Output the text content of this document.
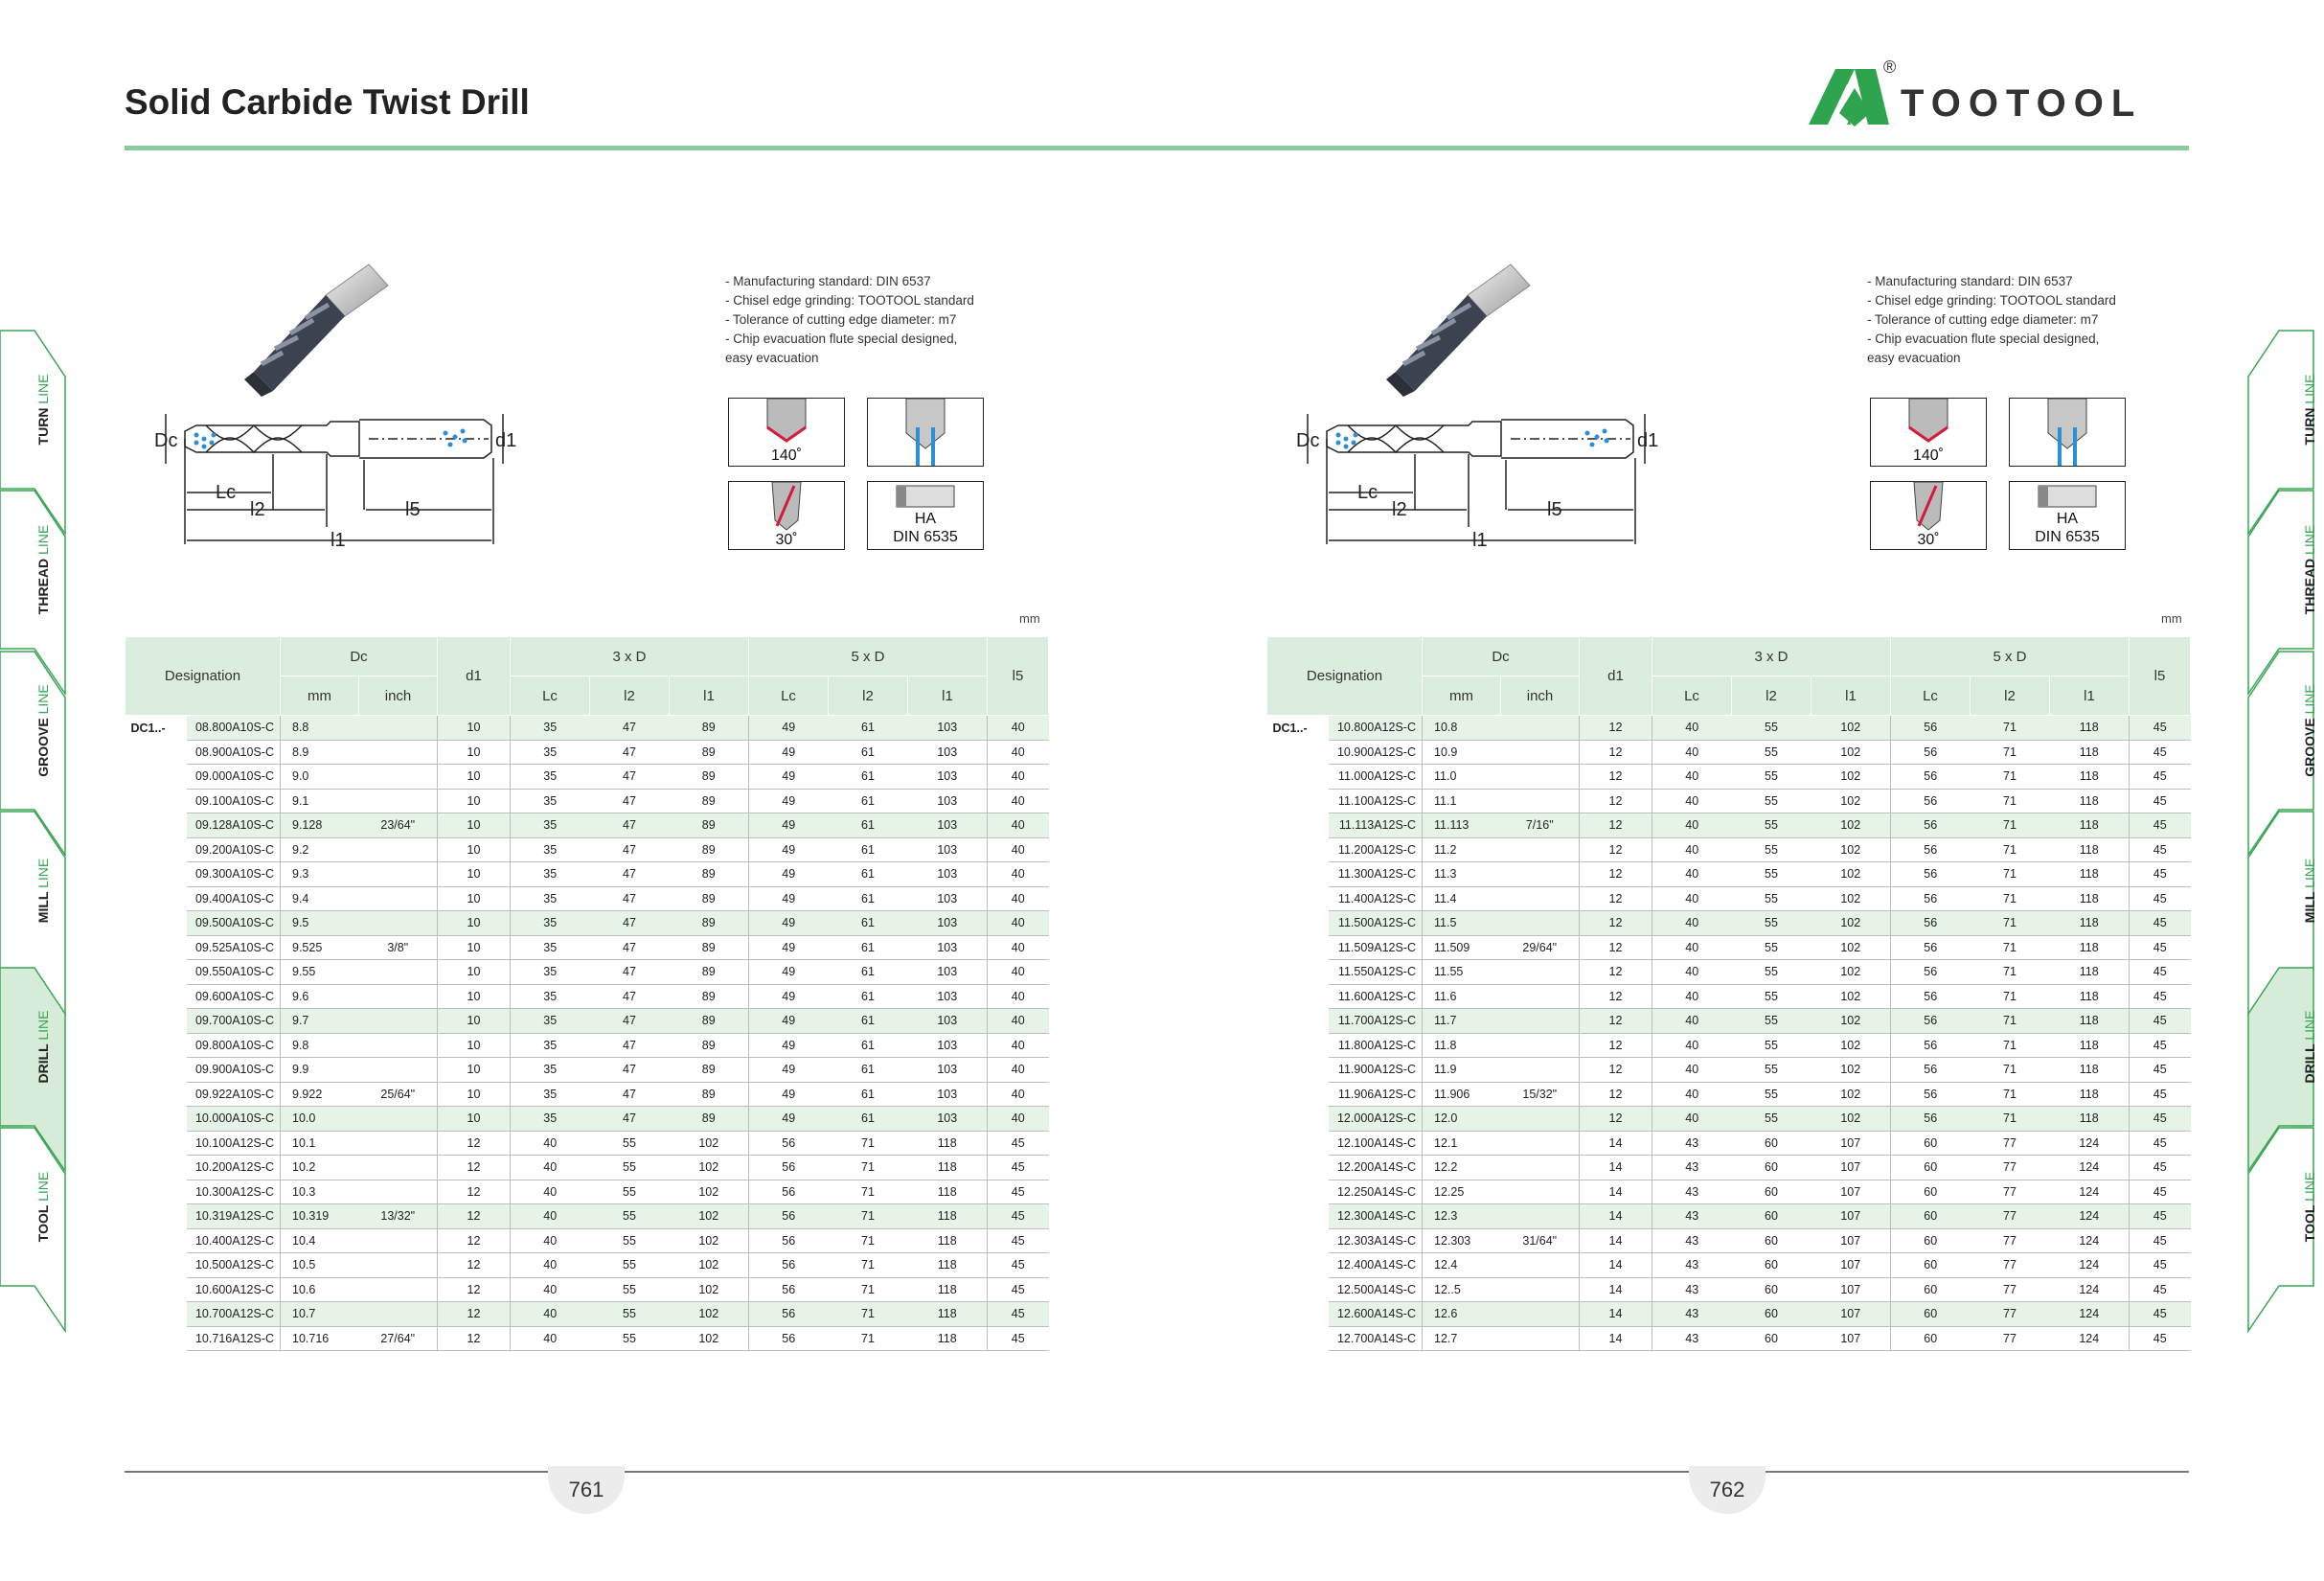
Solid Carbide Twist Drill
®
TOOTOOL
TURN LINE
THREAD LINE
GROOVE LINE
MILL LINE
DRILL LINE
TOOL LINE
TURN LINE
THREAD LINE
GROOVE LINE
MILL LINE
DRILL LINE
TOOL LINE
Dc	d1
Lc
l2	l5
l1
- Manufacturing standard: DIN 6537
- Chisel edge grinding: TOOTOOL standard
- Tolerance of cutting edge diameter: m7
- Chip evacuation flute special designed,
easy evacuation
140˚
30˚
HA
DIN 6535
mm
Designation		Dc		d1	3 x D			5 x D			l5
		mm	inch		Lc	l2	l1	Lc	l2	l1	
DC1..-	08.800A10S-C	8.8		10	35	47	89	49	61	103	40
	08.900A10S-C	8.9		10	35	47	89	49	61	103	40
	09.000A10S-C	9.0		10	35	47	89	49	61	103	40
	09.100A10S-C	9.1		10	35	47	89	49	61	103	40
	09.128A10S-C	9.128	23/64"	10	35	47	89	49	61	103	40
	09.200A10S-C	9.2		10	35	47	89	49	61	103	40
	09.300A10S-C	9.3		10	35	47	89	49	61	103	40
	09.400A10S-C	9.4		10	35	47	89	49	61	103	40
	09.500A10S-C	9.5		10	35	47	89	49	61	103	40
	09.525A10S-C	9.525	3/8"	10	35	47	89	49	61	103	40
	09.550A10S-C	9.55		10	35	47	89	49	61	103	40
	09.600A10S-C	9.6		10	35	47	89	49	61	103	40
	09.700A10S-C	9.7		10	35	47	89	49	61	103	40
	09.800A10S-C	9.8		10	35	47	89	49	61	103	40
	09.900A10S-C	9.9		10	35	47	89	49	61	103	40
	09.922A10S-C	9.922	25/64"	10	35	47	89	49	61	103	40
	10.000A10S-C	10.0		10	35	47	89	49	61	103	40
	10.100A12S-C	10.1		12	40	55	102	56	71	118	45
	10.200A12S-C	10.2		12	40	55	102	56	71	118	45
	10.300A12S-C	10.3		12	40	55	102	56	71	118	45
	10.319A12S-C	10.319	13/32"	12	40	55	102	56	71	118	45
	10.400A12S-C	10.4		12	40	55	102	56	71	118	45
	10.500A12S-C	10.5		12	40	55	102	56	71	118	45
	10.600A12S-C	10.6		12	40	55	102	56	71	118	45
	10.700A12S-C	10.7		12	40	55	102	56	71	118	45
	10.716A12S-C	10.716	27/64"	12	40	55	102	56	71	118	45
Dc	d1
Lc
l2	l5
l1
- Manufacturing standard: DIN 6537
- Chisel edge grinding: TOOTOOL standard
- Tolerance of cutting edge diameter: m7
- Chip evacuation flute special designed,
easy evacuation
140˚
30˚
HA
DIN 6535
mm
Designation		Dc		d1	3 x D			5 x D			l5
		mm	inch		Lc	l2	l1	Lc	l2	l1	
DC1..-	10.800A12S-C	10.8		12	40	55	102	56	71	118	45
	10.900A12S-C	10.9		12	40	55	102	56	71	118	45
	11.000A12S-C	11.0		12	40	55	102	56	71	118	45
	11.100A12S-C	11.1		12	40	55	102	56	71	118	45
	11.113A12S-C	11.113	7/16"	12	40	55	102	56	71	118	45
	11.200A12S-C	11.2		12	40	55	102	56	71	118	45
	11.300A12S-C	11.3		12	40	55	102	56	71	118	45
	11.400A12S-C	11.4		12	40	55	102	56	71	118	45
	11.500A12S-C	11.5		12	40	55	102	56	71	118	45
	11.509A12S-C	11.509	29/64"	12	40	55	102	56	71	118	45
	11.550A12S-C	11.55		12	40	55	102	56	71	118	45
	11.600A12S-C	11.6		12	40	55	102	56	71	118	45
	11.700A12S-C	11.7		12	40	55	102	56	71	118	45
	11.800A12S-C	11.8		12	40	55	102	56	71	118	45
	11.900A12S-C	11.9		12	40	55	102	56	71	118	45
	11.906A12S-C	11.906	15/32"	12	40	55	102	56	71	118	45
	12.000A12S-C	12.0		12	40	55	102	56	71	118	45
	12.100A14S-C	12.1		14	43	60	107	60	77	124	45
	12.200A14S-C	12.2		14	43	60	107	60	77	124	45
	12.250A14S-C	12.25		14	43	60	107	60	77	124	45
	12.300A14S-C	12.3		14	43	60	107	60	77	124	45
	12.303A14S-C	12.303	31/64"	14	43	60	107	60	77	124	45
	12.400A14S-C	12.4		14	43	60	107	60	77	124	45
	12.500A14S-C	12..5		14	43	60	107	60	77	124	45
	12.600A14S-C	12.6		14	43	60	107	60	77	124	45
	12.700A14S-C	12.7		14	43	60	107	60	77	124	45
761	762
